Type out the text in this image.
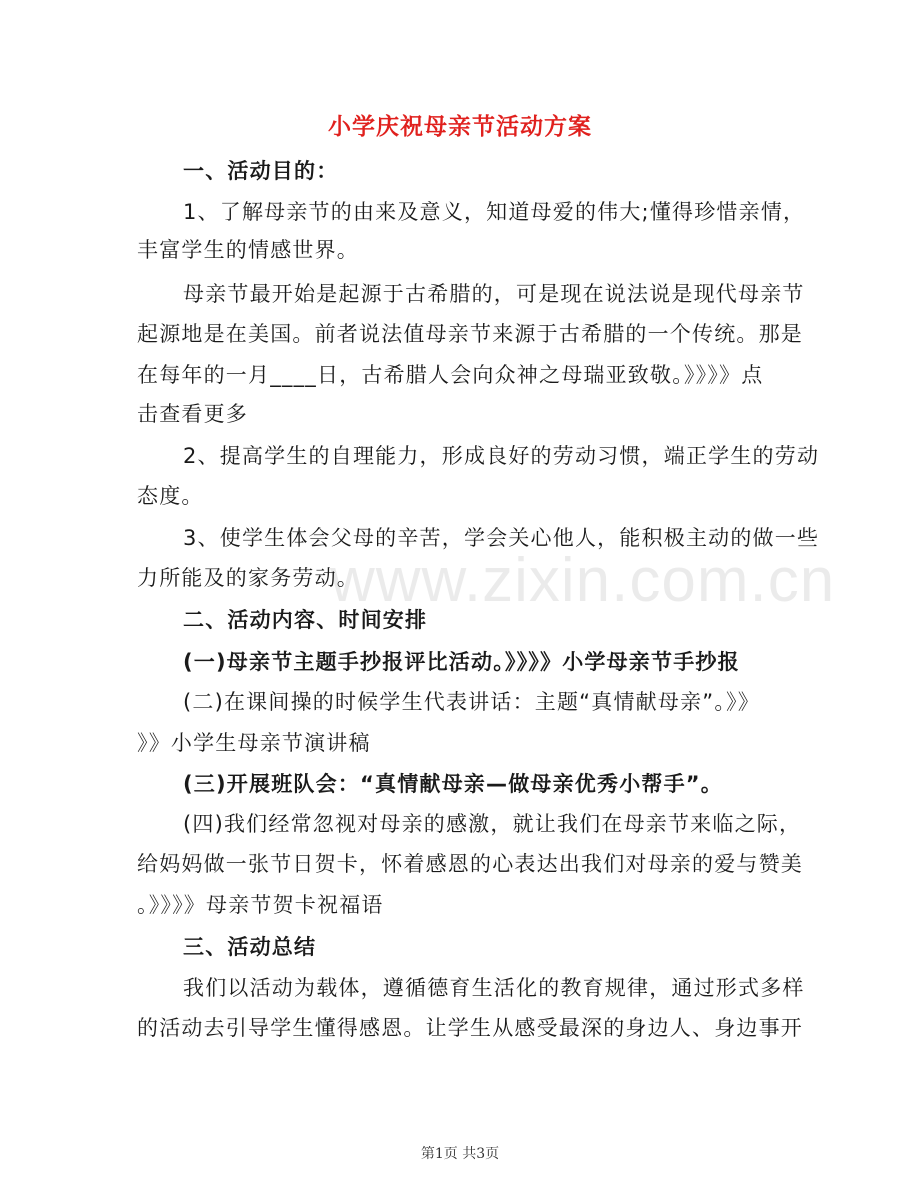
小学庆祝母亲节活动方案
一、活动目的：
1、了解母亲节的由来及意义，知道母爱的伟大;懂得珍惜亲情，
丰富学生的情感世界。
母亲节最开始是起源于古希腊的，可是现在说法说是现代母亲节
起源地是在美国。前者说法值母亲节来源于古希腊的一个传统。那是
在每年的一月____日，古希腊人会向众神之母瑞亚致敬。》》》》点
击查看更多
2、提高学生的自理能力，形成良好的劳动习惯，端正学生的劳动
态度。
3、使学生体会父母的辛苦，学会关心他人，能积极主动的做一些
力所能及的家务劳动。
www.zixin.com.cn
二、活动内容、时间安排
(一)母亲节主题手抄报评比活动。》》》》小学母亲节手抄报
(二)在课间操的时候学生代表讲话：主题“真情献母亲”。》》
》》小学生母亲节演讲稿
(三)开展班队会：“真情献母亲—做母亲优秀小帮手”。
(四)我们经常忽视对母亲的感激，就让我们在母亲节来临之际，
给妈妈做一张节日贺卡，怀着感恩的心表达出我们对母亲的爱与赞美
。》》》》母亲节贺卡祝福语
三、活动总结
我们以活动为载体，遵循德育生活化的教育规律，通过形式多样
的活动去引导学生懂得感恩。让学生从感受最深的身边人、身边事开
第1页 共3页
